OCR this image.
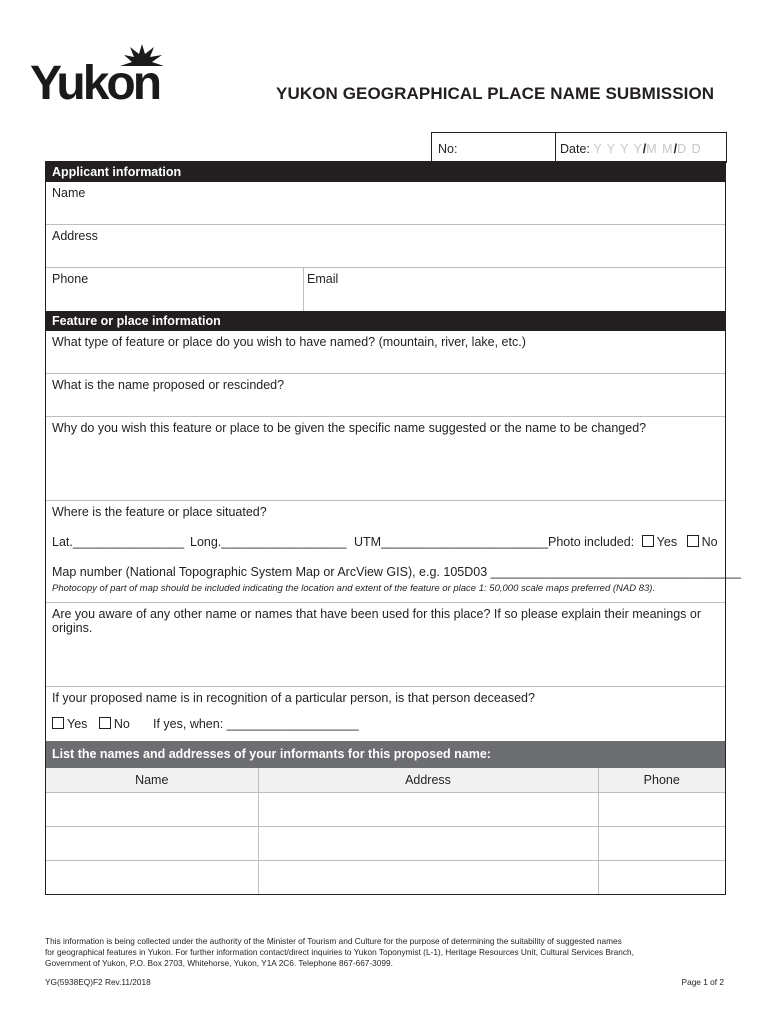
Yukon	YUKON GEOGRAPHICAL PLACE NAME SUBMISSION
No:	Date: Y Y Y Y/M M/D D
Applicant information
Name
Address
Phone	Email
Feature or place information
What type of feature or place do you wish to have named? (mountain, river, lake, etc.)
What is the name proposed or rescinded?
Why do you wish this feature or place to be given the specific name suggested or the name to be changed?
Where is the feature or place situated?
Lat.________________ Long.__________________ UTM________________________ Photo included: Yes No
Map number (National Topographic System Map or ArcView GIS), e.g. 105D03 ____________________________________
Photocopy of part of map should be included indicating the location and extent of the feature or place 1: 50,000 scale maps preferred (NAD 83).
Are you aware of any other name or names that have been used for this place? If so please explain their meanings or origins.
If your proposed name is in recognition of a particular person, is that person deceased?
Yes No If yes, when: ___________________
List the names and addresses of your informants for this proposed name:
Name	Address	Phone

This information is being collected under the authority of the Minister of Tourism and Culture for the purpose of determining the suitability of suggested names
for geographical features in Yukon. For further information contact/direct inquiries to Yukon Toponymist (L-1), Heritage Resources Unit, Cultural Services Branch,
Government of Yukon, P.O. Box 2703, Whitehorse, Yukon, Y1A 2C6. Telephone 867-667-3099.
YG(5938EQ)F2 Rev.11/2018	Page 1 of 2
